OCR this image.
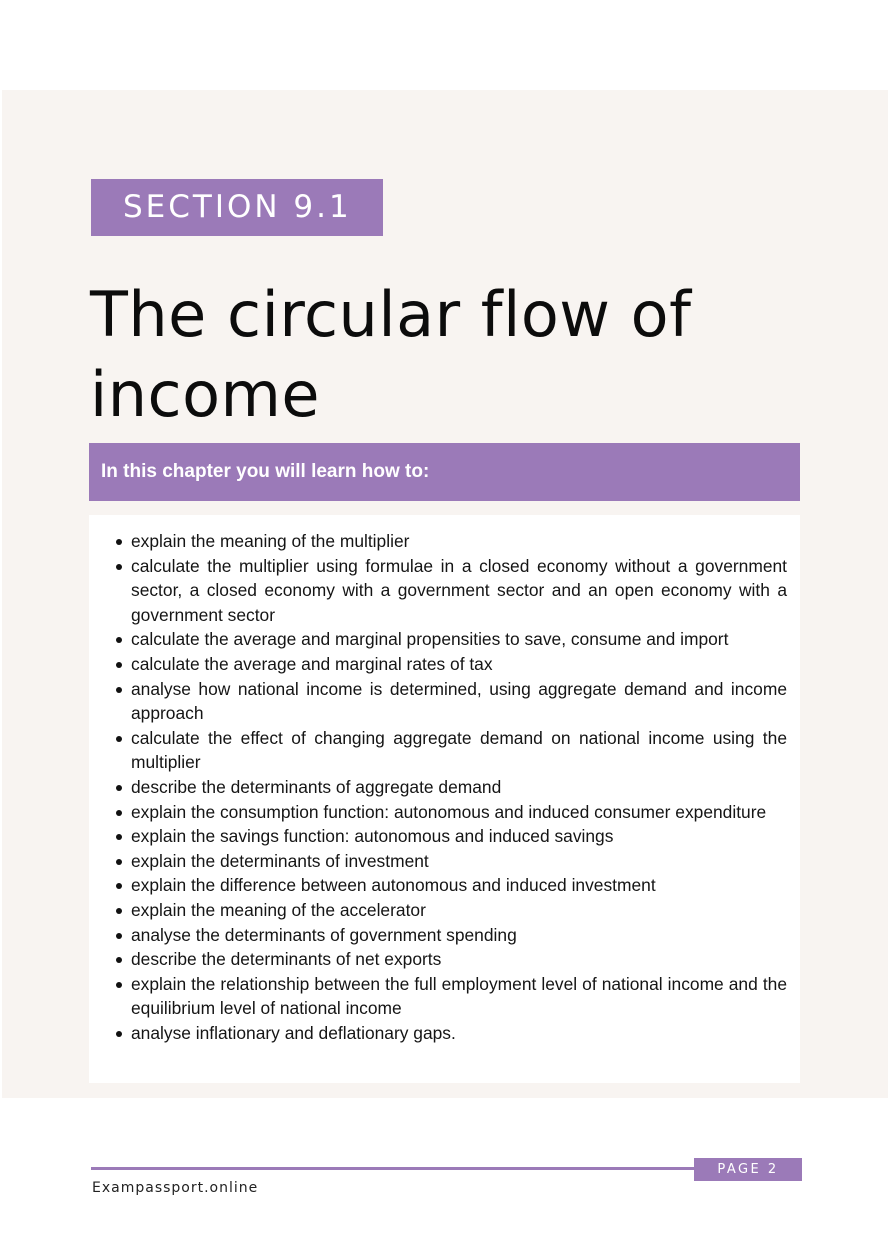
SECTION 9.1
The circular flow of income
In this chapter you will learn how to:
explain the meaning of the multiplier
calculate the multiplier using formulae in a closed economy without a government sector, a closed economy with a government sector and an open economy with a government sector
calculate the average and marginal propensities to save, consume and import
calculate the average and marginal rates of tax
analyse how national income is determined, using aggregate demand and income approach
calculate the effect of changing aggregate demand on national income using the multiplier
describe the determinants of aggregate demand
explain the consumption function: autonomous and induced consumer expenditure
explain the savings function: autonomous and induced savings
explain the determinants of investment
explain the difference between autonomous and induced investment
explain the meaning of the accelerator
analyse the determinants of government spending
describe the determinants of net exports
explain the relationship between the full employment level of national income and the equilibrium level of national income
analyse inflationary and deflationary gaps.
PAGE 2
Exampassport.online
